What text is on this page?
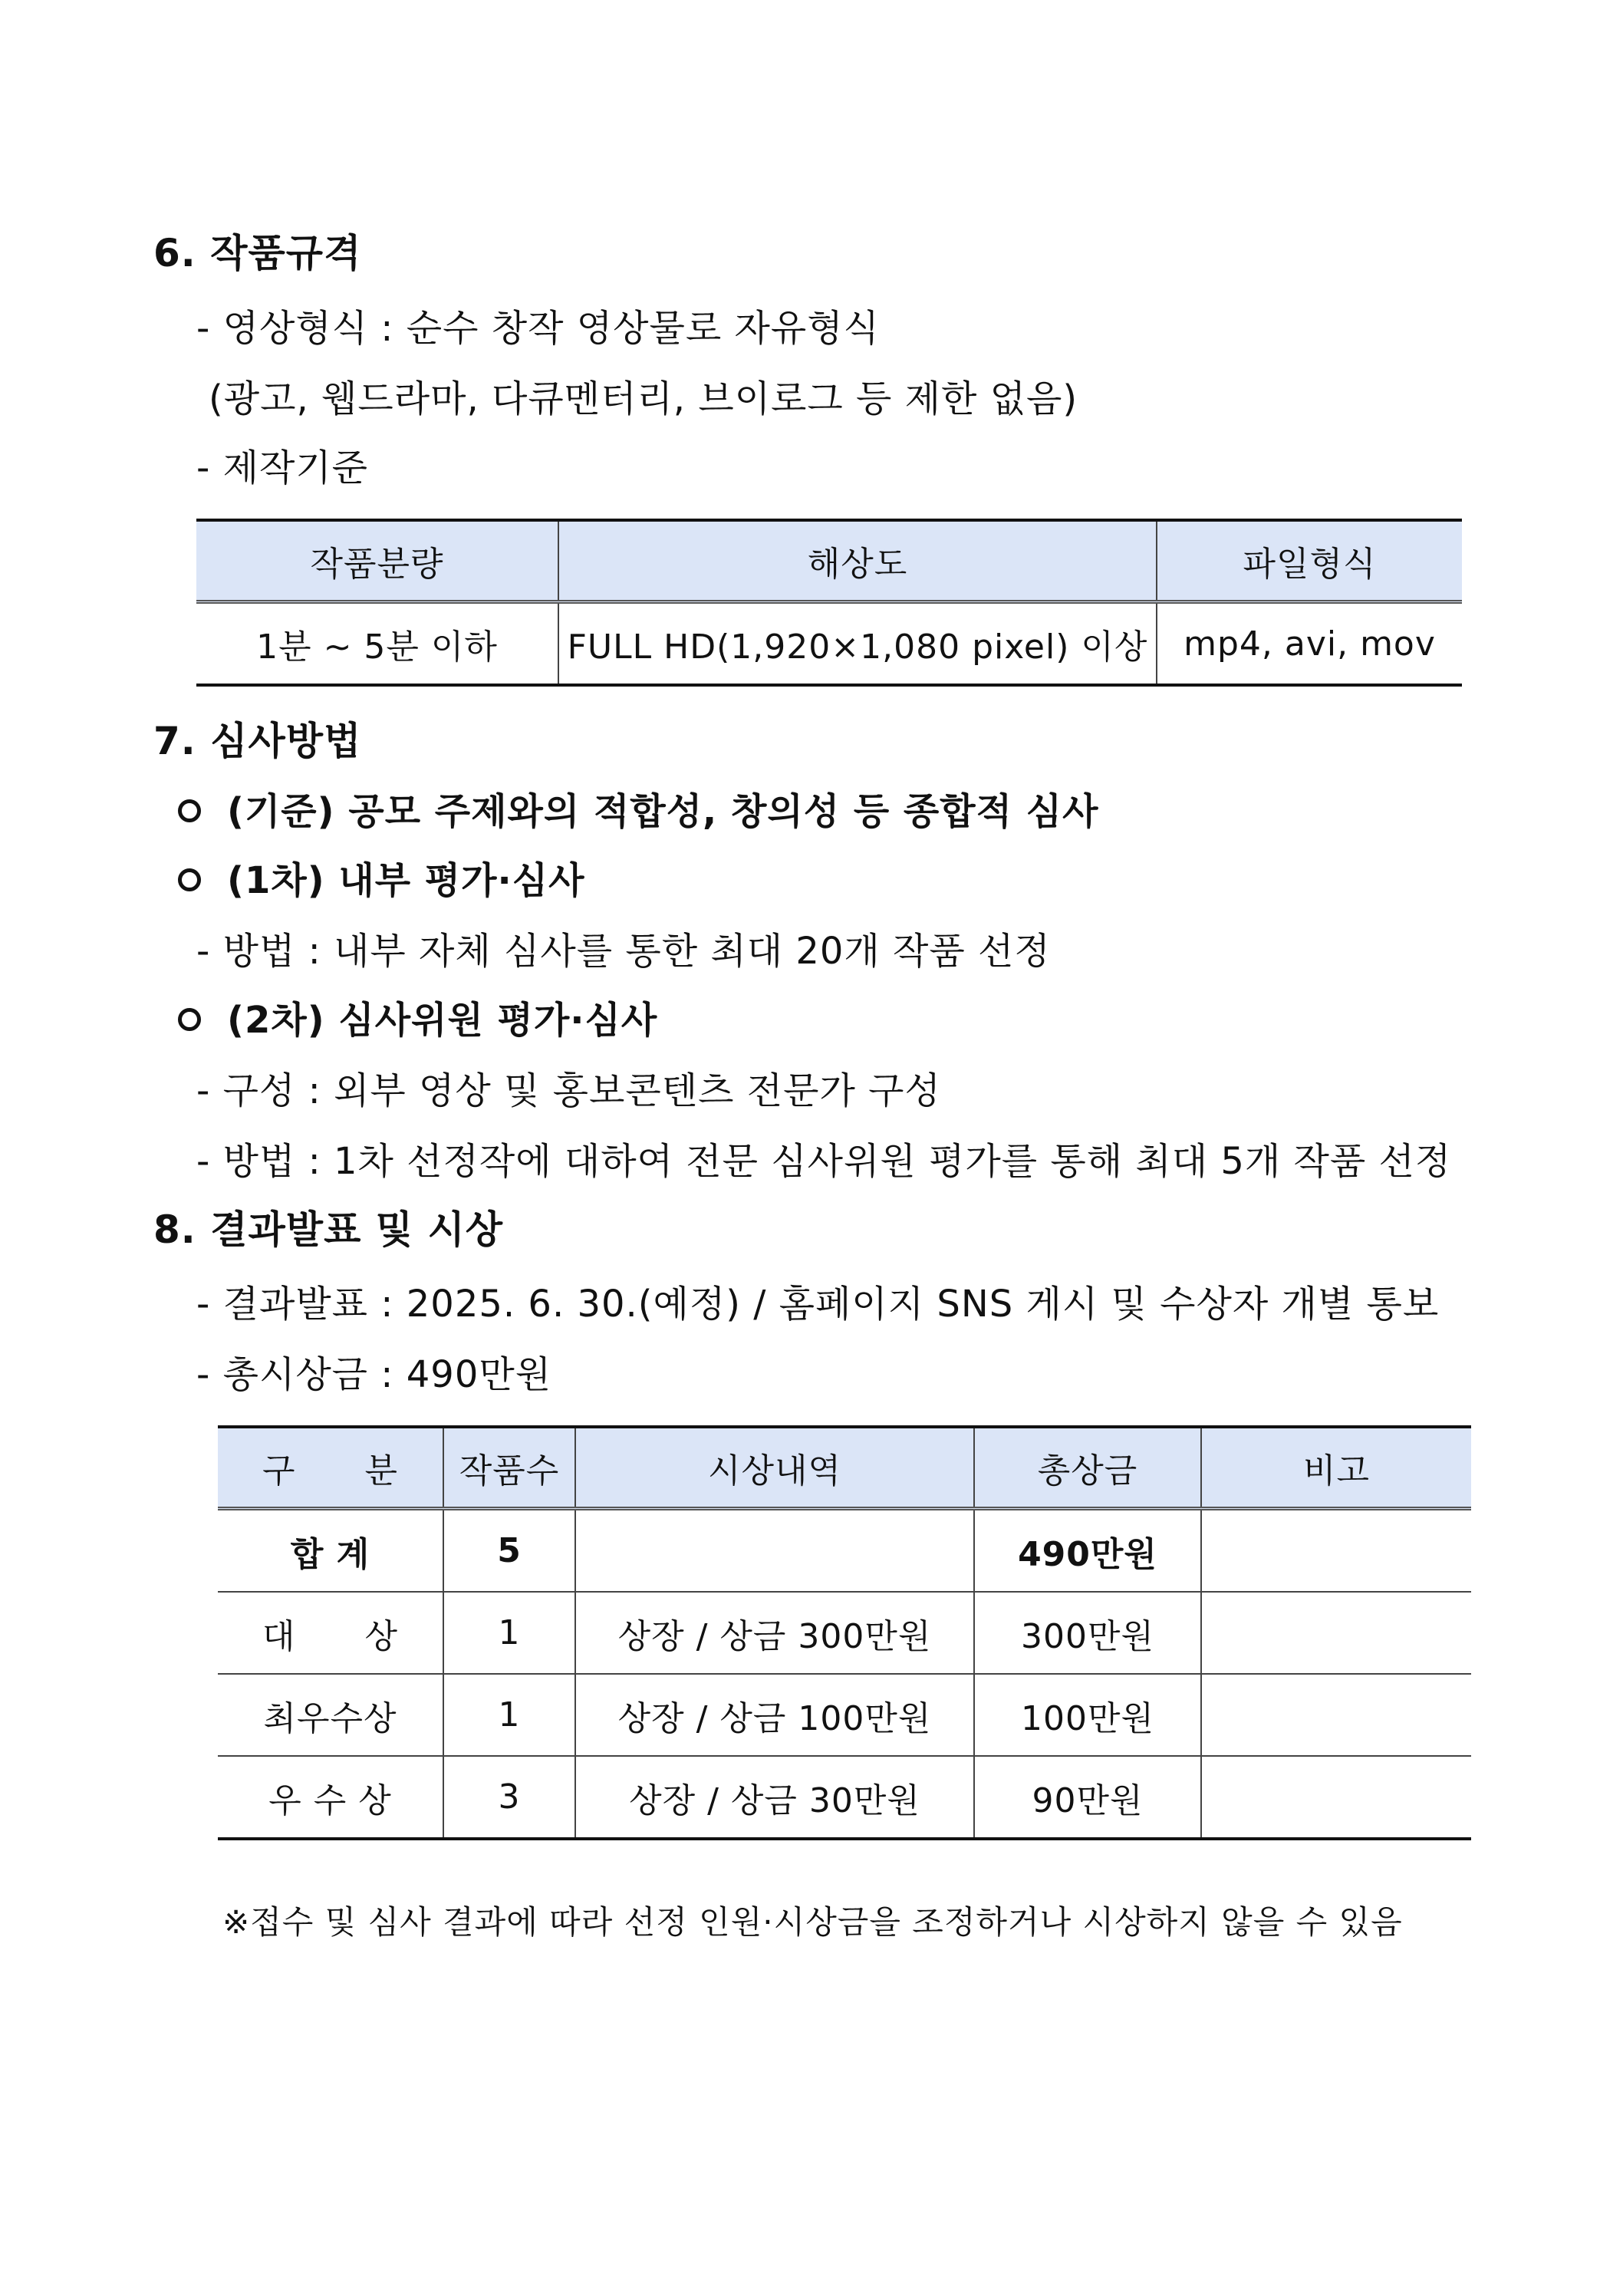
6. 작품규격

- 영상형식 : 순수 창작 영상물로 자유형식

(광고, 웹드라마, 다큐멘터리, 브이로그 등 제한 없음)

- 제작기준

작품분량	해상도	파일형식
1분 ~ 5분 이하	FULL HD(1,920×1,080 pixel) 이상	mp4, avi, mov
7. 심사방법
(기준) 공모 주제와의 적합성, 창의성 등 종합적 심사
(1차) 내부 평가·심사

- 방법 : 내부 자체 심사를 통한 최대 20개 작품 선정

(2차) 심사위원 평가·심사

- 구성 : 외부 영상 및 홍보콘텐츠 전문가 구성

- 방법 : 1차 선정작에 대하여 전문 심사위원 평가를 통해 최대 5개 작품 선정

8. 결과발표 및 시상

- 결과발표 : 2025. 6. 30.(예정) / 홈페이지 SNS 게시 및 수상자 개별 통보

- 총시상금 : 490만원

구　　분	작품수	시상내역	총상금	비고
합 계	5		490만원	
대　　상	1	상장 / 상금 300만원	300만원	
최우수상	1	상장 / 상금 100만원	100만원	
우 수 상	3	상장 / 상금 30만원	90만원	

※접수 및 심사 결과에 따라 선정 인원·시상금을 조정하거나 시상하지 않을 수 있음
